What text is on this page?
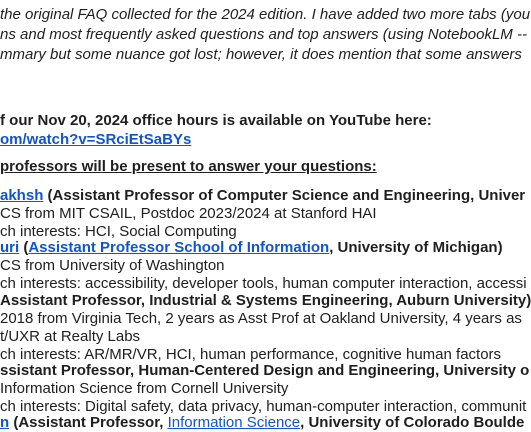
the original FAQ collected for the 2024 edition. I have added two more tabs (you
ns and most frequently asked questions and top answers (using NotebookLM --
mmary but some nuance got lost; however, it does mention that some answers
f our Nov 20, 2024 office hours is available on YouTube here:
om/watch?v=SRciEtSaBYs
professors will be present to answer your questions:
akhsh (Assistant Professor of Computer Science and Engineering, Univer
CS from MIT CSAIL, Postdoc 2023/2024 at Stanford HAI
ch interests: HCI, Social Computing
uri (Assistant Professor School of Information, University of Michigan)
CS from University of Washington
ch interests: accessibility, developer tools, human computer interaction, accessi
Assistant Professor, Industrial & Systems Engineering, Auburn University)
2018 from Virginia Tech, 2 years as Asst Prof at Oakland University, 4 years as
t/UXR at Realty Labs
ch interests: AR/MR/VR, HCI, human performance, cognitive human factors
ssistant Professor, Human-Centered Design and Engineering, University o
Information Science from Cornell University
ch interests: Digital safety, data privacy, human-computer interaction, communit
n (Assistant Professor, Information Science, University of Colorado Boulde
